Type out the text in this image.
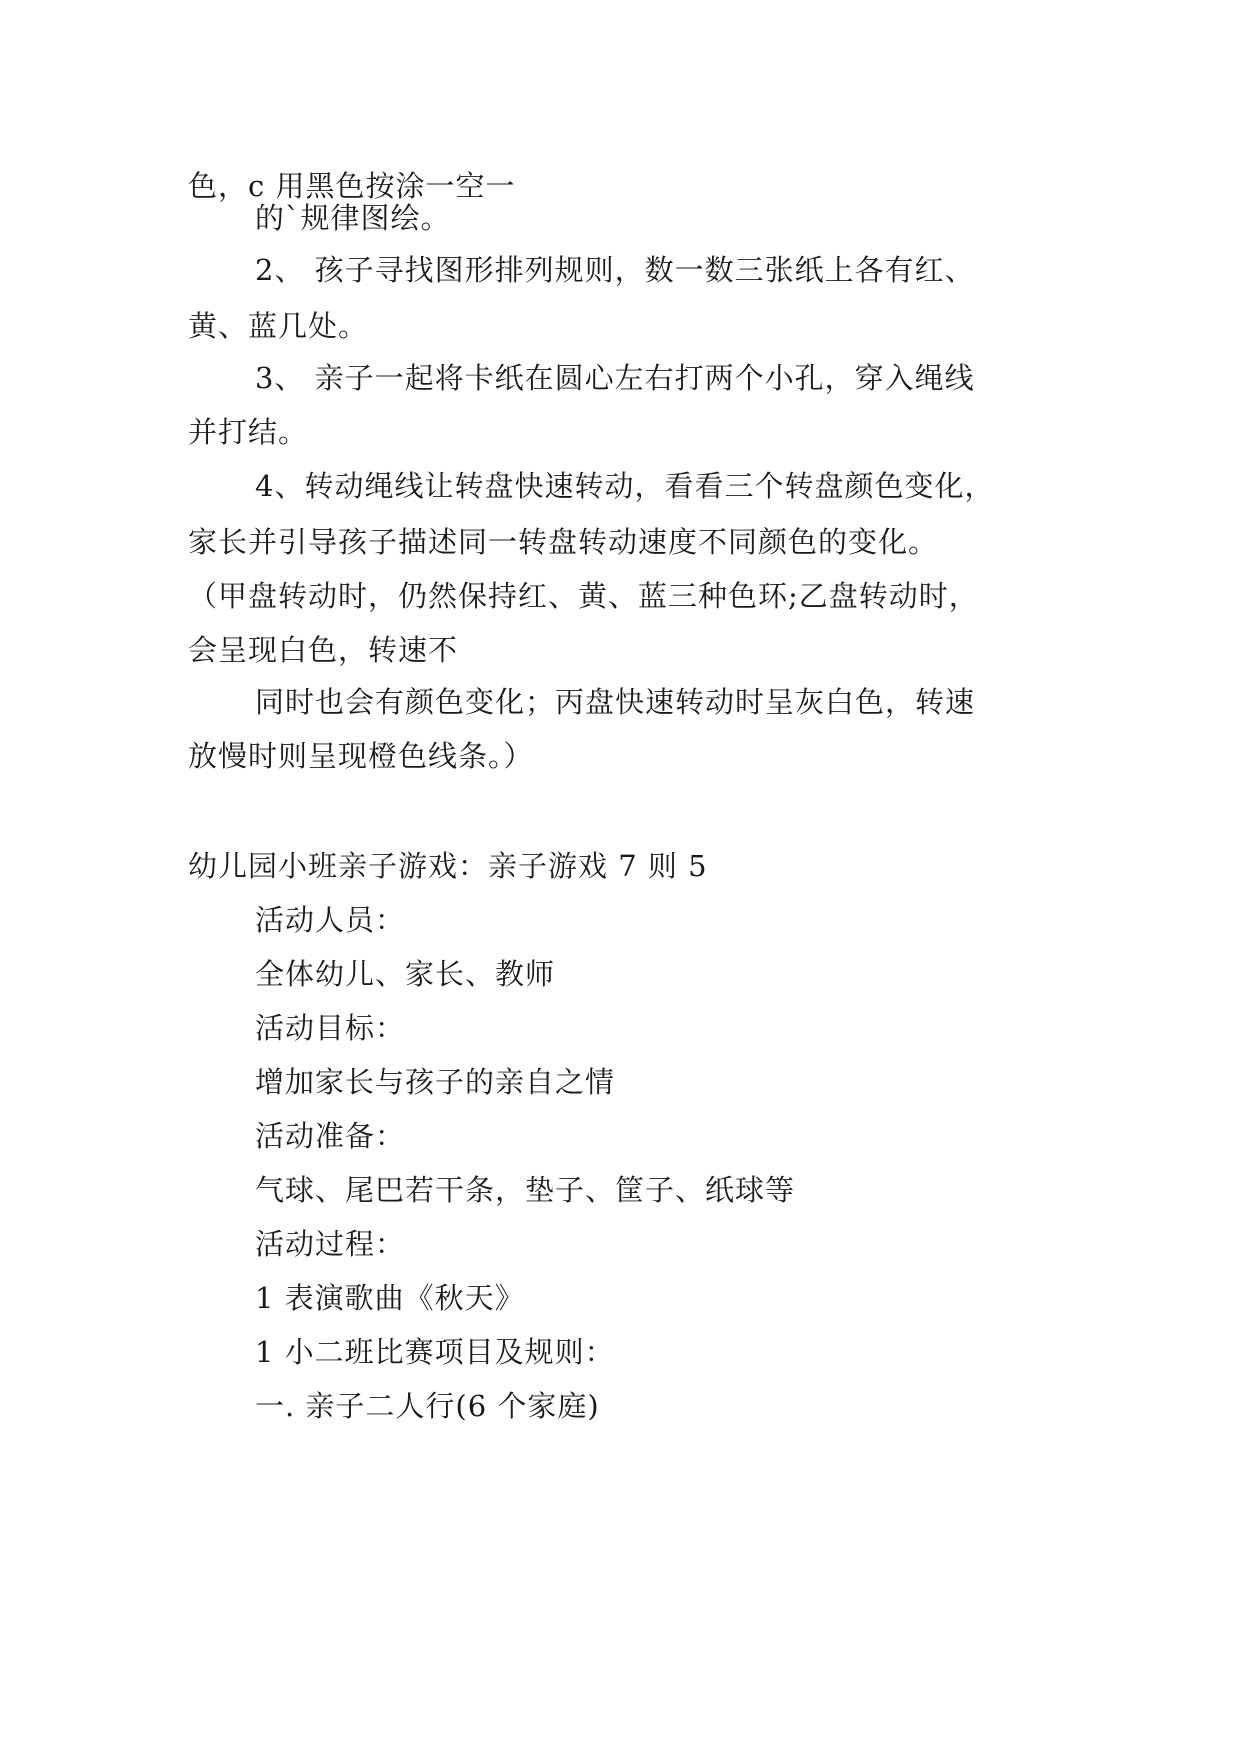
色，c 用黑色按涂一空一
的`规律图绘。
2、 孩子寻找图形排列规则，数一数三张纸上各有红、
黄、蓝几处。
3、 亲子一起将卡纸在圆心左右打两个小孔，穿入绳线
并打结。
4、转动绳线让转盘快速转动，看看三个转盘颜色变化，
家长并引导孩子描述同一转盘转动速度不同颜色的变化。
（甲盘转动时，仍然保持红、黄、蓝三种色环;乙盘转动时，
会呈现白色，转速不
同时也会有颜色变化；丙盘快速转动时呈灰白色，转速
放慢时则呈现橙色线条。）
幼儿园小班亲子游戏：亲子游戏 7 则 5
活动人员：
全体幼儿、家长、教师
活动目标：
增加家长与孩子的亲自之情
活动准备：
气球、尾巴若干条，垫子、筐子、纸球等
活动过程：
1 表演歌曲《秋天》
1 小二班比赛项目及规则：
一. 亲子二人行(6 个家庭)
